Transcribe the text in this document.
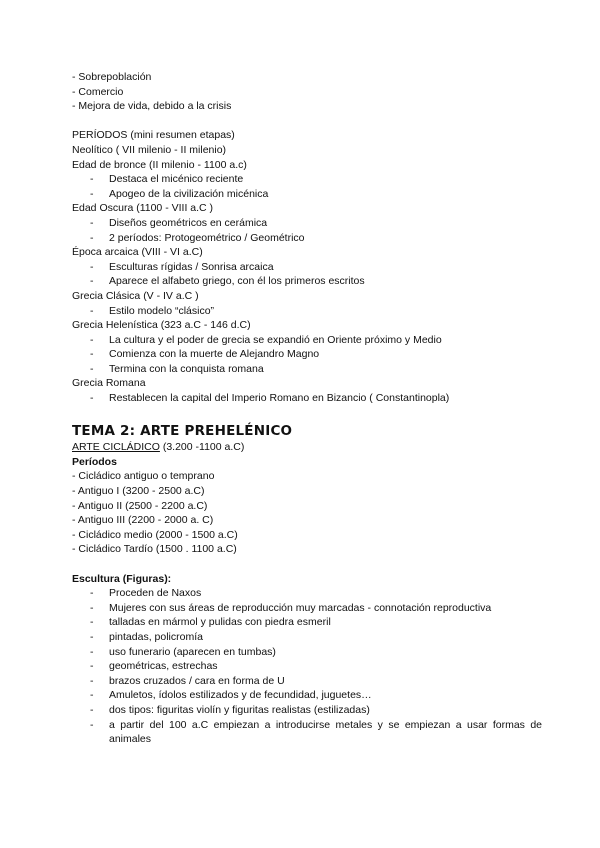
- Sobrepoblación

- Comercio

- Mejora de vida, debido a la crisis

PERÍODOS (mini resumen etapas)

Neolítico ( VII milenio - II milenio)

Edad de bronce (II milenio - 1100 a.c)

- Destaca el micénico reciente

- Apogeo de la civilización micénica

Edad Oscura (1100 - VIII a.C )

- Diseños geométricos en cerámica

- 2 períodos: Protogeométrico / Geométrico

Época arcaica (VIII - VI a.C)

- Esculturas rígidas / Sonrisa arcaica

- Aparece el alfabeto griego, con él los primeros escritos

Grecia Clásica (V - IV a.C )

- Estilo modelo “clásico”

Grecia Helenística (323 a.C - 146 d.C)

- La cultura y el poder de grecia se expandió en Oriente próximo y Medio

- Comienza con la muerte de Alejandro Magno

- Termina con la conquista romana

Grecia Romana

- Restablecen la capital del Imperio Romano en Bizancio ( Constantinopla)

TEMA 2: ARTE PREHELÉNICO

ARTE CICLÁDICO (3.200 -1100 a.C)

Períodos

- Cicládico antiguo o temprano

- Antiguo I (3200 - 2500 a.C)

- Antiguo II (2500 - 2200 a.C)

- Antiguo III (2200 - 2000 a. C)

- Cicládico medio (2000 - 1500 a.C)

- Cicládico Tardío (1500 . 1100 a.C)

Escultura (Figuras):

- Proceden de Naxos

- Mujeres con sus áreas de reproducción muy marcadas - connotación reproductiva

- talladas en mármol y pulidas con piedra esmeril

- pintadas, policromía

- uso funerario (aparecen en tumbas)

- geométricas, estrechas

- brazos cruzados / cara en forma de U

- Amuletos, ídolos estilizados y de fecundidad, juguetes…

- dos tipos: figuritas violín y figuritas realistas (estilizadas)

- a partir del 100 a.C empiezan a introducirse metales y se empiezan a usar formas de animales
